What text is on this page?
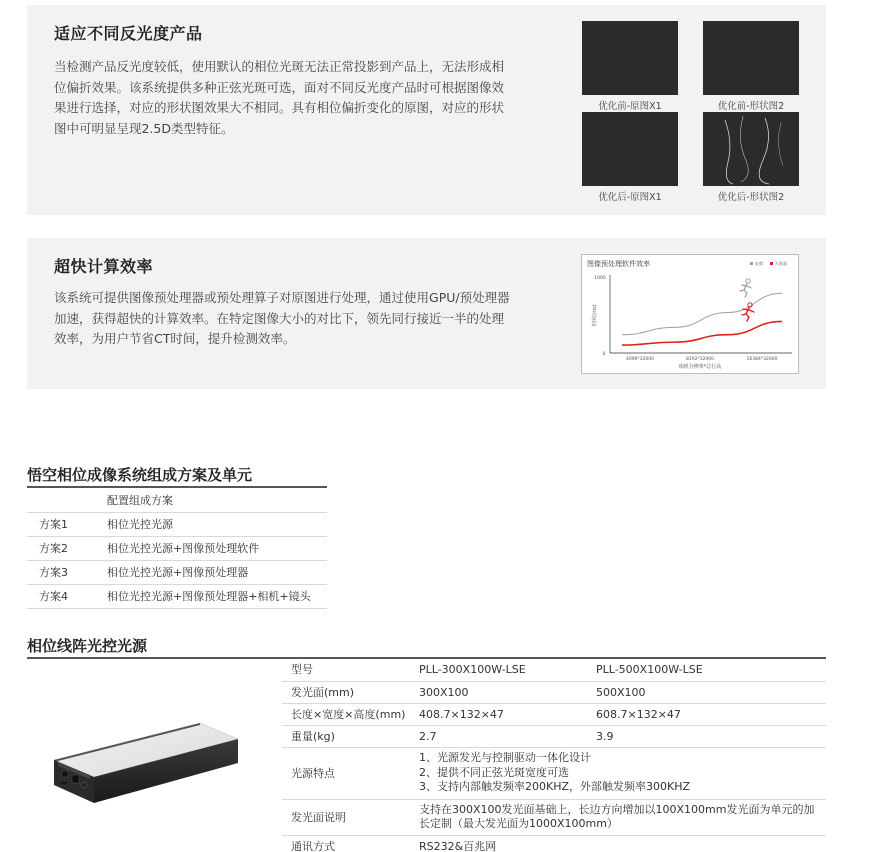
适应不同反光度产品
当检测产品反光度较低，使用默认的相位光斑无法正常投影到产品上，无法形成相位偏折效果。该系统提供多种正弦光斑可选，面对不同反光度产品时可根据图像效果进行选择，对应的形状图效果大不相同。具有相位偏折变化的原图，对应的形状图中可明显呈现2.5D类型特征。
优化前-原图X1	优化前-形状图2
优化后-原图X1	优化后-形状图2
超快计算效率
该系统可提供图像预处理器或预处理算子对原图进行处理，通过使用GPU/预处理器加速，获得超快的计算效率。在特定图像大小的对比下，领先同行接近一半的处理效率，为用户节省CT时间，提升检测效率。
图像预处理软件效率	友商	天准器
1000
0
时间(ms)
4096*32000	8192*32000	16384*32000
相机分辨率*总行高
悟空相位成像系统组成方案及单元
	配置组成方案
方案1	相位光控光源
方案2	相位光控光源+图像预处理软件
方案3	相位光控光源+图像预处理器
方案4	相位光控光源+图像预处理器+相机+镜头
相位线阵光控光源
型号	PLL-300X100W-LSE	PLL-500X100W-LSE
发光面(mm)	300X100	500X100
长度×宽度×高度(mm)	408.7×132×47	608.7×132×47
重量(kg)	2.7	3.9
光源特点	1、光源发光与控制驱动一体化设计
2、提供不同正弦光斑宽度可选
3、支持内部触发频率200KHZ，外部触发频率300KHZ	

发光面说明	支持在300X100发光面基础上，长边方向增加以100X100mm发光面为单元的加
长定制（最大发光面为1000X100mm）	

通讯方式	RS232&百兆网	
